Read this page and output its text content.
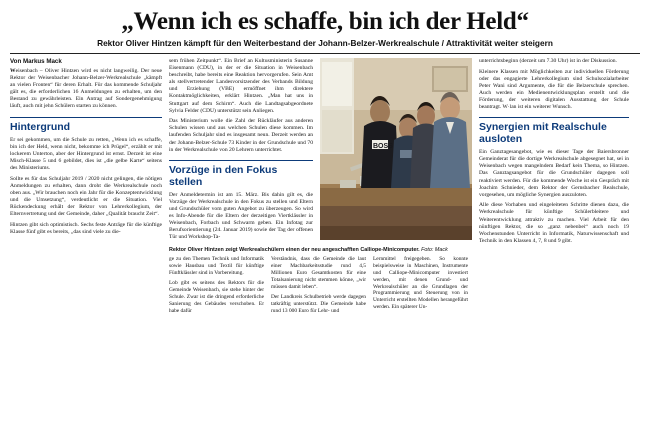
„Wenn ich es schaffe, bin ich der Held“
Rektor Oliver Hintzen kämpft für den Weiterbestand der Johann-Belzer-Werkrealschule / Attraktivität weiter steigern
Von Markus Mack

Weisenbach – Oliver Hintzen wird es nicht langweilig. Der neue Rektor der Weisenbacher Johann-Belzer-Werkrealschule „kämpft an vielen Fronten“ für deren Erhalt. Für das kommende Schuljahr gält es, die erforderlichen 16 Anmeldungen zu erhalten, um den Bestand zu gewährleisten. Ein Antrag auf Sondergenehmigung läuft, auch mit jehn Schülern starten zu können.

Hintergrund

Er sei gekommen, um die Schule zu retten, „Wenn ich es schaffe, bin ich der Held, wenn nicht, bekomme ich Prügel“, erzählt er mit lockerem Unterton, aber der Hintergrund ist ernst. Derzeit ist eine Misch-Klasse 5 und 6 gebildet, dies ist „die gelbe Karte“ seitens des Ministeriums.

Sollte es für das Schuljahr 2019 / 2020 nicht gelingen, die nötigen Anmeldungen zu erhalten, dann droht die Werkrealschule noch oben aus. „Wir brauchen noch ein Jahr für die Konzeptentwicklung und die Umsetzung“, verdeutlicht er die Situation. Viel Rückendeckung erhält der Rektor von Lehrerkollegium, der Elternvertretung und der Gemeinde, daher „Qualität braucht Zeit“.

Hintzen gibt sich optimistisch. Sechs feste Anträge für die künftige Klasse fünf gibt es bereits, „das sind viele zu die-

sem frühen Zeitpunkt“. Ein Brief an Kultusministerin Susanne Eisenmann (CDU), in der er die Situation in Weisenbach beschreibt, habe bereits eine Reaktion hervorgerufen. Sein Amt als stellvertretender Landesvorsitzender des Verbands Bildung und Erziehung (VBE) ermöffnet ihm direktere Kontaktmöglichkeiten, erklärt Hintzen. „Man hat uns in Stuttgart auf dem Schirm“. Auch die Landtagsabgeordnete Sylvia Felder (CDU) unterstützt sein Anliegen.

Das Ministerium wolle die Zahl der Rückläufer aus anderen Schulen wissen und aus welchen Schulen diese kommen. Im laufenden Schuljahr sind es insgesamt neun. Derzeit werden an der Johann-Belzer-Schule 73 Kinder in der Grundschule und 70 in der Werkrealschule von 20 Lehrern unterrichtet.

Vorzüge in den Fokus stellen

Der Anmeldetermin ist am 15. März. Bis dahin gilt es, die Vorzüge der Werkrealschule in den Fokus zu stellen und Eltern und Grundschüler vom guten Angebot zu überzeugen. So wird es Info-Abende für die Eltern der derzeitigen Viertklässler in Weisenbach, Forbach und Schwarm geben. Ein Infotag zur Berufsorientierung (24. Januar 2019) sowie der Tag der offenen Tür und Workshop-Ta-

BOSS
Rektor Oliver Hintzen zeigt Werkrealschülern einen der neu angeschafften Calliope-Minicomputer. Foto: Mack

ge zu den Themen Technik und Informatik sowie Hausbau und Textil für künftige Fünftklässler sind in Vorbereitung.

Lob gibt es seitens des Rektors für die Gemeinde Weisenbach, sie stehe hinter der Schule. Zwar ist die dringend erforderliche Sanierung des Gebäudes verschoben. Er habe dafür

Verständnis, dass die Gemeinde die laut einer Machbarkeitsstudie rund 4,5 Millionen Euro Gesamtkosten für eine Totalsanierung nicht stemmen könne, „wir müssen damit leben“.

Der Landkreis Schulbetrieb werde dagegen tatkräftig unterstützt. Die Gemeinde habe rund 13 000 Euro für Lehr- und

Lernmittel freigegeben. So konnte beispielsweise in Maschinen, Instrumente und Calliope-Minicomputer investiert werden, mit denen Grund- und Werkrealschüler an die Grundlagen der Programmierung und Steuerung von in Unterricht erstellten Modellen herangeführt werden. Ein späterer Un-

unterrichtsbeginn (derzeit um 7.30 Uhr) ist in der Diskussion.

Kleinere Klassen mit Möglichkeiten zur individuellen Förderung oder das engagierte Lehrerkollegium sind Schulsozialarbeiter Peter Wani sind Argumente, die für die Belzerschule sprechen. Auch werden ein Medienentwicklungsplan erstellt und die Förderung, der weiteren digitalen Ausstattung der Schule beantragt. W·lan ist ein weiterer Wunsch.

Synergien mit Realschule ausloten

Ein Ganztagesangebot, wie es dieser Tage der Baiersbronner Gemeinderat für die dortige Werkrealschule abgesegnet hat, sei in Weisenbach wegen mangelndem Bedarf kein Thema, so Hintzen. Das Ganztagsangebot für die Grundschüler dagegen soll reaktiviert werden. Für die kommende Woche ist ein Gespräch mit Joachim Schnieder, dem Rektor der Gernsbacher Realschule, vorgesehen, um mögliche Synergien auszuloten.

Alle diese Vorhaben und eingeleiteten Schritte dienen dazu, die Werkrealschule für künftige Schülerbleitere und Weiterentwicklung attraktiv zu machen. Viel Arbeit für den nünftigen Rektor, die so „ganz nebenbei“ auch noch 19 Wochenstunden Unterricht in Informatik, Naturwissenschaft und Technik in den Klassen 4, 7, 8 und 9 gibt.
